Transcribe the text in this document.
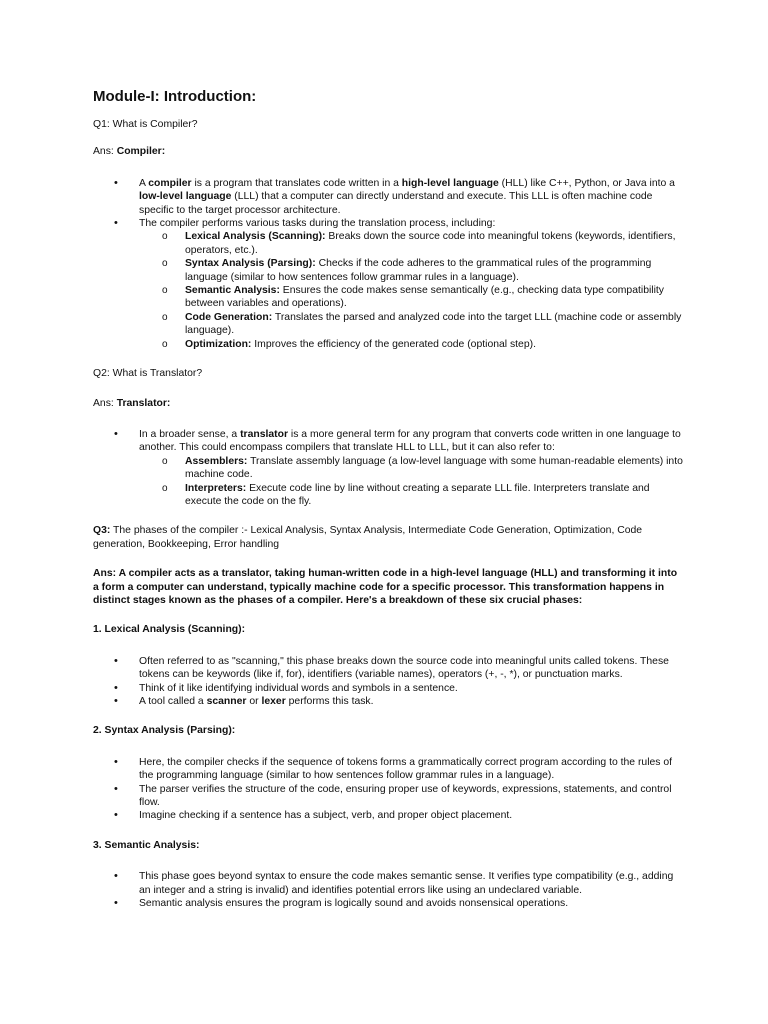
Module-I: Introduction:

Q1: What is Compiler?

Ans: Compiler:

• A compiler is a program that translates code written in a high-level language (HLL) like C++, Python, or Java into a low-level language (LLL) that a computer can directly understand and execute. This LLL is often machine code specific to the target processor architecture.
• The compiler performs various tasks during the translation process, including:
o Lexical Analysis (Scanning): Breaks down the source code into meaningful tokens (keywords, identifiers, operators, etc.).
o Syntax Analysis (Parsing): Checks if the code adheres to the grammatical rules of the programming language (similar to how sentences follow grammar rules in a language).
o Semantic Analysis: Ensures the code makes sense semantically (e.g., checking data type compatibility between variables and operations).
o Code Generation: Translates the parsed and analyzed code into the target LLL (machine code or assembly language).
o Optimization: Improves the efficiency of the generated code (optional step).

Q2: What is Translator?

Ans: Translator:

• In a broader sense, a translator is a more general term for any program that converts code written in one language to another. This could encompass compilers that translate HLL to LLL, but it can also refer to:
o Assemblers: Translate assembly language (a low-level language with some human-readable elements) into machine code.
o Interpreters: Execute code line by line without creating a separate LLL file. Interpreters translate and execute the code on the fly.

Q3: The phases of the compiler :- Lexical Analysis, Syntax Analysis, Intermediate Code Generation, Optimization, Code generation, Bookkeeping, Error handling

Ans: A compiler acts as a translator, taking human-written code in a high-level language (HLL) and transforming it into a form a computer can understand, typically machine code for a specific processor. This transformation happens in distinct stages known as the phases of a compiler. Here's a breakdown of these six crucial phases:

1. Lexical Analysis (Scanning):

• Often referred to as "scanning," this phase breaks down the source code into meaningful units called tokens. These tokens can be keywords (like if, for), identifiers (variable names), operators (+, -, *), or punctuation marks.
• Think of it like identifying individual words and symbols in a sentence.
• A tool called a scanner or lexer performs this task.

2. Syntax Analysis (Parsing):

• Here, the compiler checks if the sequence of tokens forms a grammatically correct program according to the rules of the programming language (similar to how sentences follow grammar rules in a language).
• The parser verifies the structure of the code, ensuring proper use of keywords, expressions, statements, and control flow.
• Imagine checking if a sentence has a subject, verb, and proper object placement.

3. Semantic Analysis:

• This phase goes beyond syntax to ensure the code makes semantic sense. It verifies type compatibility (e.g., adding an integer and a string is invalid) and identifies potential errors like using an undeclared variable.
• Semantic analysis ensures the program is logically sound and avoids nonsensical operations.
